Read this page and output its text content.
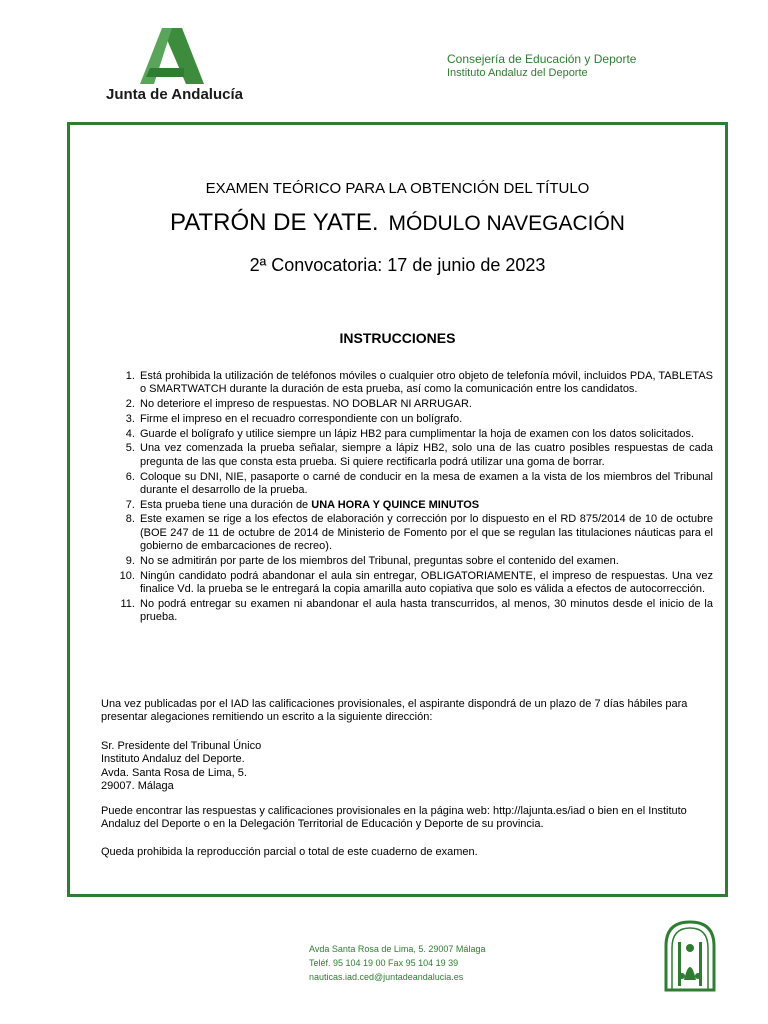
Junta de Andalucía
Consejería de Educación y Deporte
Instituto Andaluz del Deporte
EXAMEN TEÓRICO PARA LA OBTENCIÓN DEL TÍTULO
PATRÓN DE YATE. MÓDULO NAVEGACIÓN
2ª Convocatoria: 17 de junio de 2023
INSTRUCCIONES
1. Está prohibida la utilización de teléfonos móviles o cualquier otro objeto de telefonía móvil, incluidos PDA, TABLETAS o SMARTWATCH durante la duración de esta prueba, así como la comunicación entre los candidatos.
2. No deteriore el impreso de respuestas. NO DOBLAR NI ARRUGAR.
3. Firme el impreso en el recuadro correspondiente con un bolígrafo.
4. Guarde el bolígrafo y utilice siempre un lápiz HB2 para cumplimentar la hoja de examen con los datos solicitados.
5. Una vez comenzada la prueba señalar, siempre a lápiz HB2, solo una de las cuatro posibles respuestas de cada pregunta de las que consta esta prueba. Si quiere rectificarla podrá utilizar una goma de borrar.
6. Coloque su DNI, NIE, pasaporte o carné de conducir en la mesa de examen a la vista de los miembros del Tribunal durante el desarrollo de la prueba.
7. Esta prueba tiene una duración de UNA HORA Y QUINCE MINUTOS
8. Este examen se rige a los efectos de elaboración y corrección por lo dispuesto en el RD 875/2014 de 10 de octubre (BOE 247 de 11 de octubre de 2014 de Ministerio de Fomento por el que se regulan las titulaciones náuticas para el gobierno de embarcaciones de recreo).
9. No se admitirán por parte de los miembros del Tribunal, preguntas sobre el contenido del examen.
10. Ningún candidato podrá abandonar el aula sin entregar, OBLIGATORIAMENTE, el impreso de respuestas. Una vez finalice Vd. la prueba se le entregará la copia amarilla auto copiativa que solo es válida a efectos de autocorrección.
11. No podrá entregar su examen ni abandonar el aula hasta transcurridos, al menos, 30 minutos desde el inicio de la prueba.
Una vez publicadas por el IAD las calificaciones provisionales, el aspirante dispondrá de un plazo de 7 días hábiles para presentar alegaciones remitiendo un escrito a la siguiente dirección:
Sr. Presidente del Tribunal Único
Instituto Andaluz del Deporte.
Avda. Santa Rosa de Lima, 5.
29007. Málaga
Puede encontrar las respuestas y calificaciones provisionales en la página web: http://lajunta.es/iad o bien en el Instituto Andaluz del Deporte o en la Delegación Territorial de Educación y Deporte de su provincia.
Queda prohibida la reproducción parcial o total de este cuaderno de examen.
Avda Santa Rosa de Lima, 5. 29007 Málaga
Teléf. 95 104 19 00 Fax 95 104 19 39
nauticas.iad.ced@juntadeandalucia.es
